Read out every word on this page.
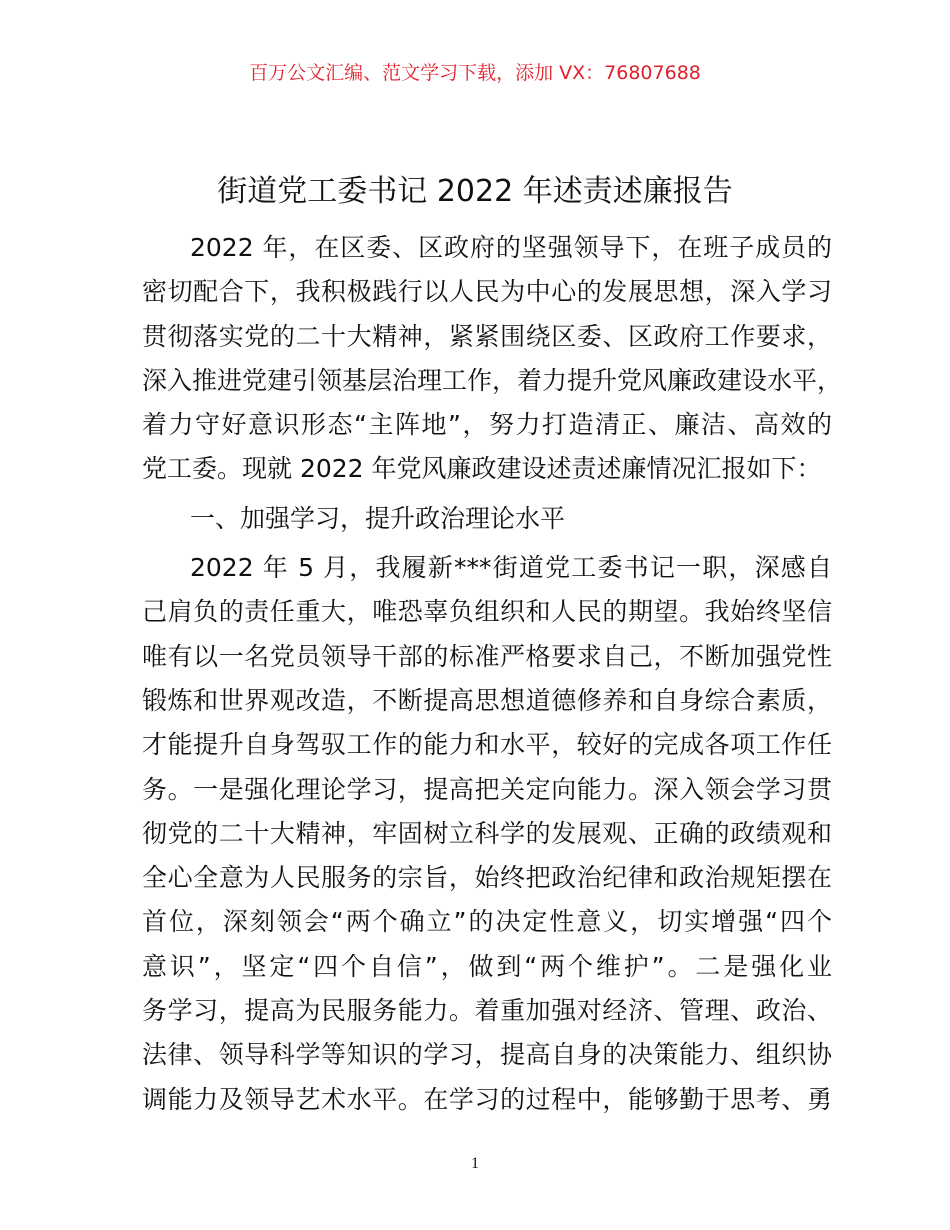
百万公文汇编、范文学习下载，添加 VX：76807688
街道党工委书记 2022 年述责述廉报告
2022 年，在区委、区政府的坚强领导下，在班子成员的
密切配合下，我积极践行以人民为中心的发展思想，深入学习
贯彻落实党的二十大精神，紧紧围绕区委、区政府工作要求，
深入推进党建引领基层治理工作，着力提升党风廉政建设水平，
着力守好意识形态“主阵地”，努力打造清正、廉洁、高效的
党工委。现就 2022 年党风廉政建设述责述廉情况汇报如下：
一、加强学习，提升政治理论水平
2022 年 5 月，我履新***街道党工委书记一职，深感自
己肩负的责任重大，唯恐辜负组织和人民的期望。我始终坚信
唯有以一名党员领导干部的标准严格要求自己，不断加强党性
锻炼和世界观改造，不断提高思想道德修养和自身综合素质，
才能提升自身驾驭工作的能力和水平，较好的完成各项工作任
务。一是强化理论学习，提高把关定向能力。深入领会学习贯
彻党的二十大精神，牢固树立科学的发展观、正确的政绩观和
全心全意为人民服务的宗旨，始终把政治纪律和政治规矩摆在
首位，深刻领会“两个确立”的决定性意义，切实增强“四个
意识”，坚定“四个自信”，做到“两个维护”。二是强化业
务学习，提高为民服务能力。着重加强对经济、管理、政治、
法律、领导科学等知识的学习，提高自身的决策能力、组织协
调能力及领导艺术水平。在学习的过程中，能够勤于思考、勇
1
